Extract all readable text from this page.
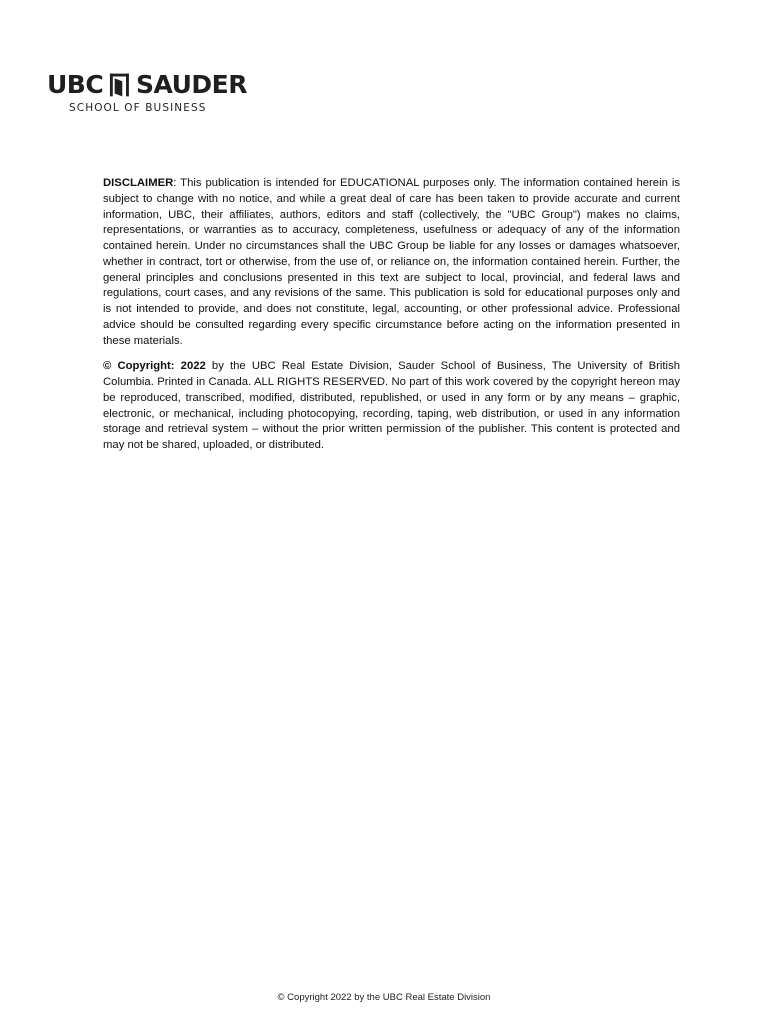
UBC SAUDER
SCHOOL OF BUSINESS

DISCLAIMER: This publication is intended for EDUCATIONAL purposes only. The information contained herein is subject to change with no notice, and while a great deal of care has been taken to provide accurate and current information, UBC, their affiliates, authors, editors and staff (collectively, the "UBC Group") makes no claims, representations, or warranties as to accuracy, completeness, usefulness or adequacy of any of the information contained herein. Under no circumstances shall the UBC Group be liable for any losses or damages whatsoever, whether in contract, tort or otherwise, from the use of, or reliance on, the information contained herein. Further, the general principles and conclusions presented in this text are subject to local, provincial, and federal laws and regulations, court cases, and any revisions of the same. This publication is sold for educational purposes only and is not intended to provide, and does not constitute, legal, accounting, or other professional advice. Professional advice should be consulted regarding every specific circumstance before acting on the information presented in these materials.

© Copyright: 2022 by the UBC Real Estate Division, Sauder School of Business, The University of British Columbia. Printed in Canada. ALL RIGHTS RESERVED. No part of this work covered by the copyright hereon may be reproduced, transcribed, modified, distributed, republished, or used in any form or by any means – graphic, electronic, or mechanical, including photocopying, recording, taping, web distribution, or used in any information storage and retrieval system – without the prior written permission of the publisher. This content is protected and may not be shared, uploaded, or distributed.

© Copyright 2022 by the UBC Real Estate Division
